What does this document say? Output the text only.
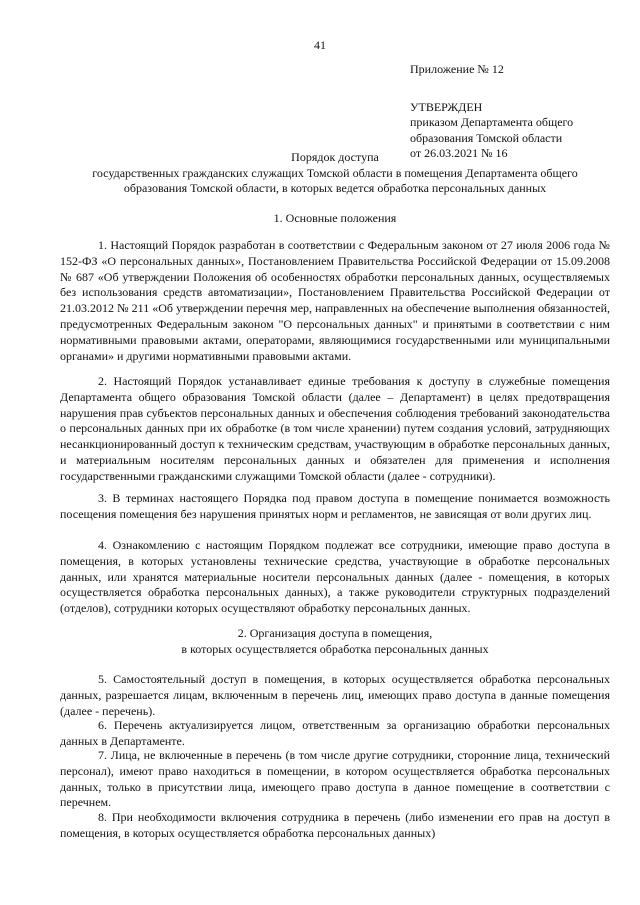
41
Приложение № 12
УТВЕРЖДЕН
приказом Департамента общего
образования Томской области
от 26.03.2021 № 16
Порядок доступа
государственных гражданских служащих Томской области в помещения Департамента общего
образования Томской области, в которых ведется обработка персональных данных
1. Основные положения
1. Настоящий Порядок разработан в соответствии с Федеральным законом от 27 июля 2006 года № 152-ФЗ «О персональных данных», Постановлением Правительства Российской Федерации от 15.09.2008 № 687 «Об утверждении Положения об особенностях обработки персональных данных, осуществляемых без использования средств автоматизации», Постановлением Правительства Российской Федерации от 21.03.2012 № 211 «Об утверждении перечня мер, направленных на обеспечение выполнения обязанностей, предусмотренных Федеральным законом "О персональных данных" и принятыми в соответствии с ним нормативными правовыми актами, операторами, являющимися государственными или муниципальными органами» и другими нормативными правовыми актами.
2. Настоящий Порядок устанавливает единые требования к доступу в служебные помещения Департамента общего образования Томской области (далее – Департамент) в целях предотвращения нарушения прав субъектов персональных данных и обеспечения соблюдения требований законодательства о персональных данных при их обработке (в том числе хранении) путем создания условий, затрудняющих несанкционированный доступ к техническим средствам, участвующим в обработке персональных данных, и материальным носителям персональных данных и обязателен для применения и исполнения государственными гражданскими служащими Томской области (далее - сотрудники).
3. В терминах настоящего Порядка под правом доступа в помещение понимается возможность посещения помещения без нарушения принятых норм и регламентов, не зависящая от воли других лиц.
4. Ознакомлению с настоящим Порядком подлежат все сотрудники, имеющие право доступа в помещения, в которых установлены технические средства, участвующие в обработке персональных данных, или хранятся материальные носители персональных данных (далее - помещения, в которых осуществляется обработка персональных данных), а также руководители структурных подразделений (отделов), сотрудники которых осуществляют обработку персональных данных.
2. Организация доступа в помещения,
в которых осуществляется обработка персональных данных
5. Самостоятельный доступ в помещения, в которых осуществляется обработка персональных данных, разрешается лицам, включенным в перечень лиц, имеющих право доступа в данные помещения (далее - перечень).
6. Перечень актуализируется лицом, ответственным за организацию обработки персональных данных в Департаменте.
7. Лица, не включенные в перечень (в том числе другие сотрудники, сторонние лица, технический персонал), имеют право находиться в помещении, в котором осуществляется обработка персональных данных, только в присутствии лица, имеющего право доступа в данное помещение в соответствии с перечнем.
8. При необходимости включения сотрудника в перечень (либо изменении его прав на доступ в помещения, в которых осуществляется обработка персональных данных)
